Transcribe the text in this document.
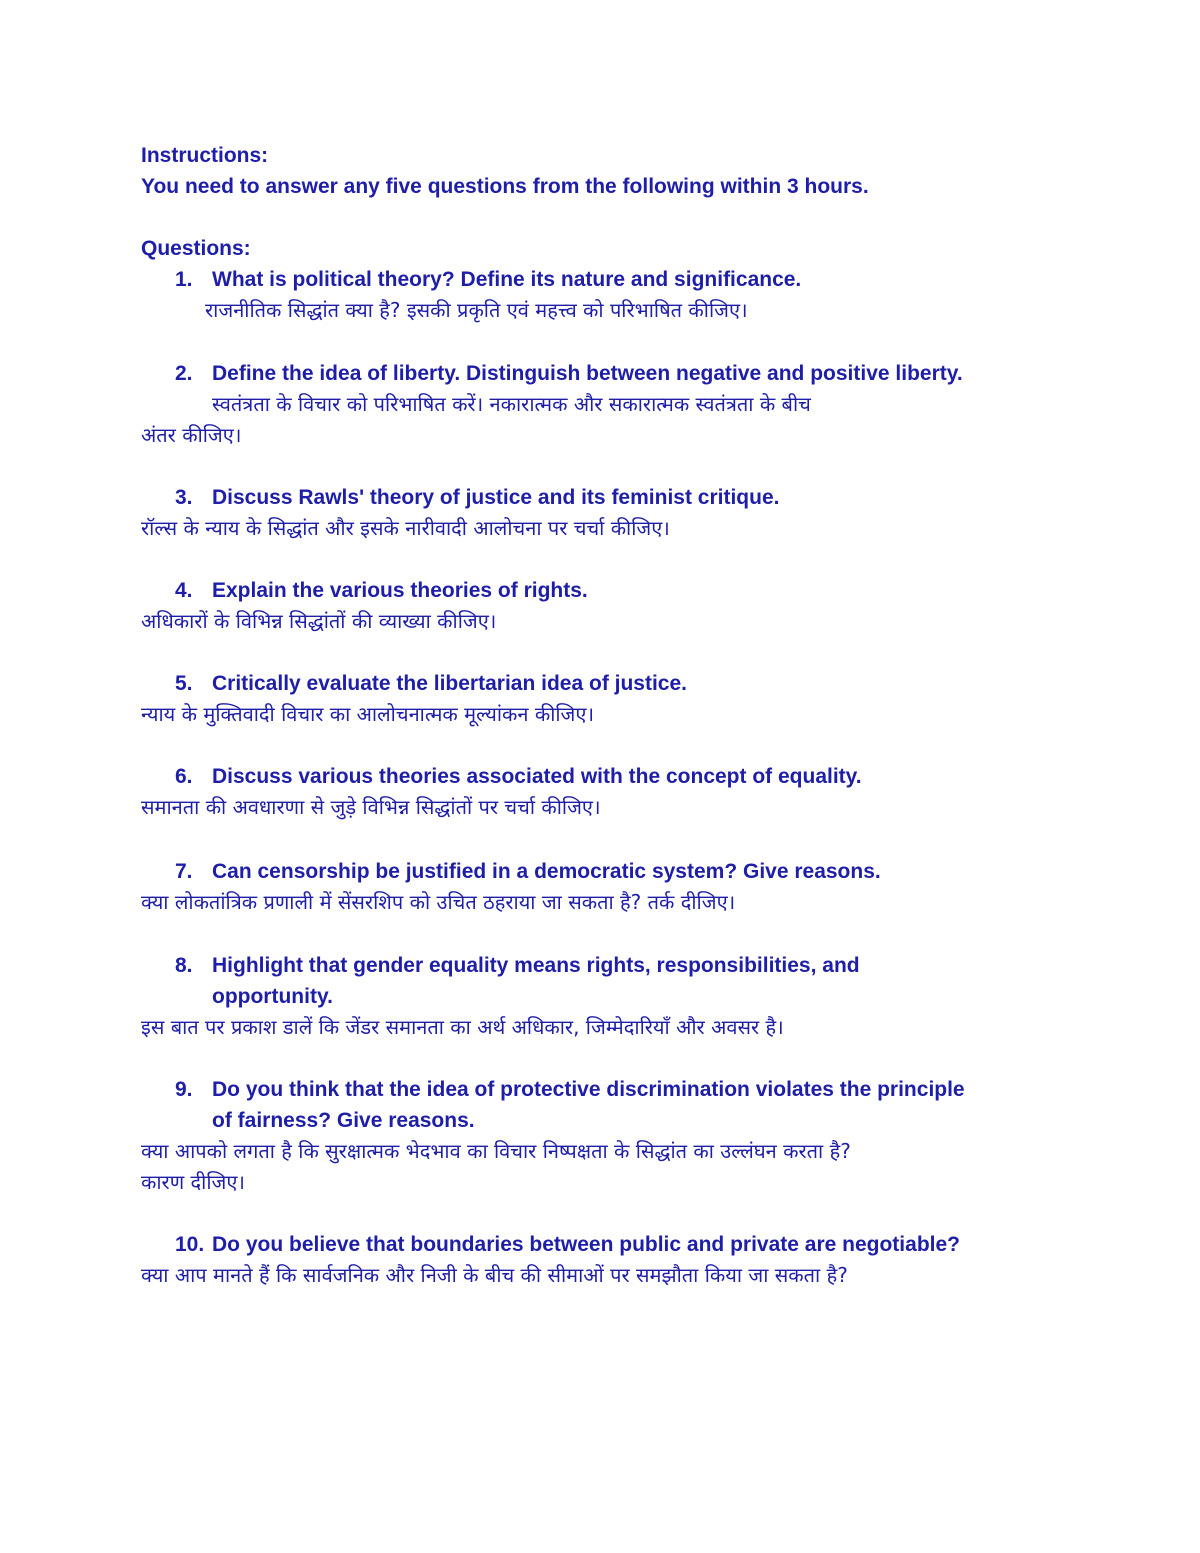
Instructions:
You need to answer any five questions from the following within 3 hours.
Questions:
1. What is political theory? Define its nature and significance.
राजनीतिक सिद्धांत क्या है? इसकी प्रकृति एवं महत्त्व को परिभाषित कीजिए।
2. Define the idea of liberty. Distinguish between negative and positive liberty.
स्वतंत्रता के विचार को परिभाषित करें। नकारात्मक और सकारात्मक स्वतंत्रता के बीच
अंतर कीजिए।
3. Discuss Rawls' theory of justice and its feminist critique.
रॉल्स के न्याय के सिद्धांत और इसके नारीवादी आलोचना पर चर्चा कीजिए।
4. Explain the various theories of rights.
अधिकारों के विभिन्न सिद्धांतों की व्याख्या कीजिए।
5. Critically evaluate the libertarian idea of justice.
न्याय के मुक्तिवादी विचार का आलोचनात्मक मूल्यांकन कीजिए।
6. Discuss various theories associated with the concept of equality.
समानता की अवधारणा से जुड़े विभिन्न सिद्धांतों पर चर्चा कीजिए।
7. Can censorship be justified in a democratic system? Give reasons.
क्या लोकतांत्रिक प्रणाली में सेंसरशिप को उचित ठहराया जा सकता है? तर्क दीजिए।
8. Highlight that gender equality means rights, responsibilities, and
opportunity.
इस बात पर प्रकाश डालें कि जेंडर समानता का अर्थ अधिकार, जिम्मेदारियाँ और अवसर है।
9. Do you think that the idea of protective discrimination violates the principle
of fairness? Give reasons.
क्या आपको लगता है कि सुरक्षात्मक भेदभाव का विचार निष्पक्षता के सिद्धांत का उल्लंघन करता है?
कारण दीजिए।
10. Do you believe that boundaries between public and private are negotiable?
क्या आप मानते हैं कि सार्वजनिक और निजी के बीच की सीमाओं पर समझौता किया जा सकता है?
